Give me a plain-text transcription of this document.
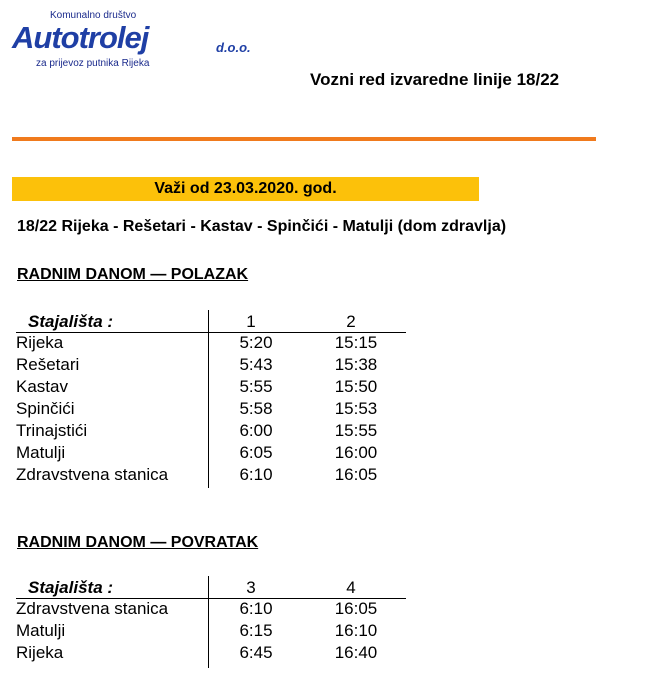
Komunalno društvo
Autotrolej	d.o.o.
za prijevoz putnika Rijeka
Vozni red izvaredne linije 18/22
Važi od 23.03.2020. god.
18/22 Rijeka - Rešetari - Kastav - Spinčići - Matulji (dom zdravlja)
RADNIM DANOM — POLAZAK
Stajališta :	1	2
Rijeka	5:20	15:15
Rešetari	5:43	15:38
Kastav	5:55	15:50
Spinčići	5:58	15:53
Trinajstići	6:00	15:55
Matulji	6:05	16:00
Zdravstvena stanica	6:10	16:05
RADNIM DANOM — POVRATAK
Stajališta :	3	4
Zdravstvena stanica	6:10	16:05
Matulji	6:15	16:10
Rijeka	6:45	16:40
